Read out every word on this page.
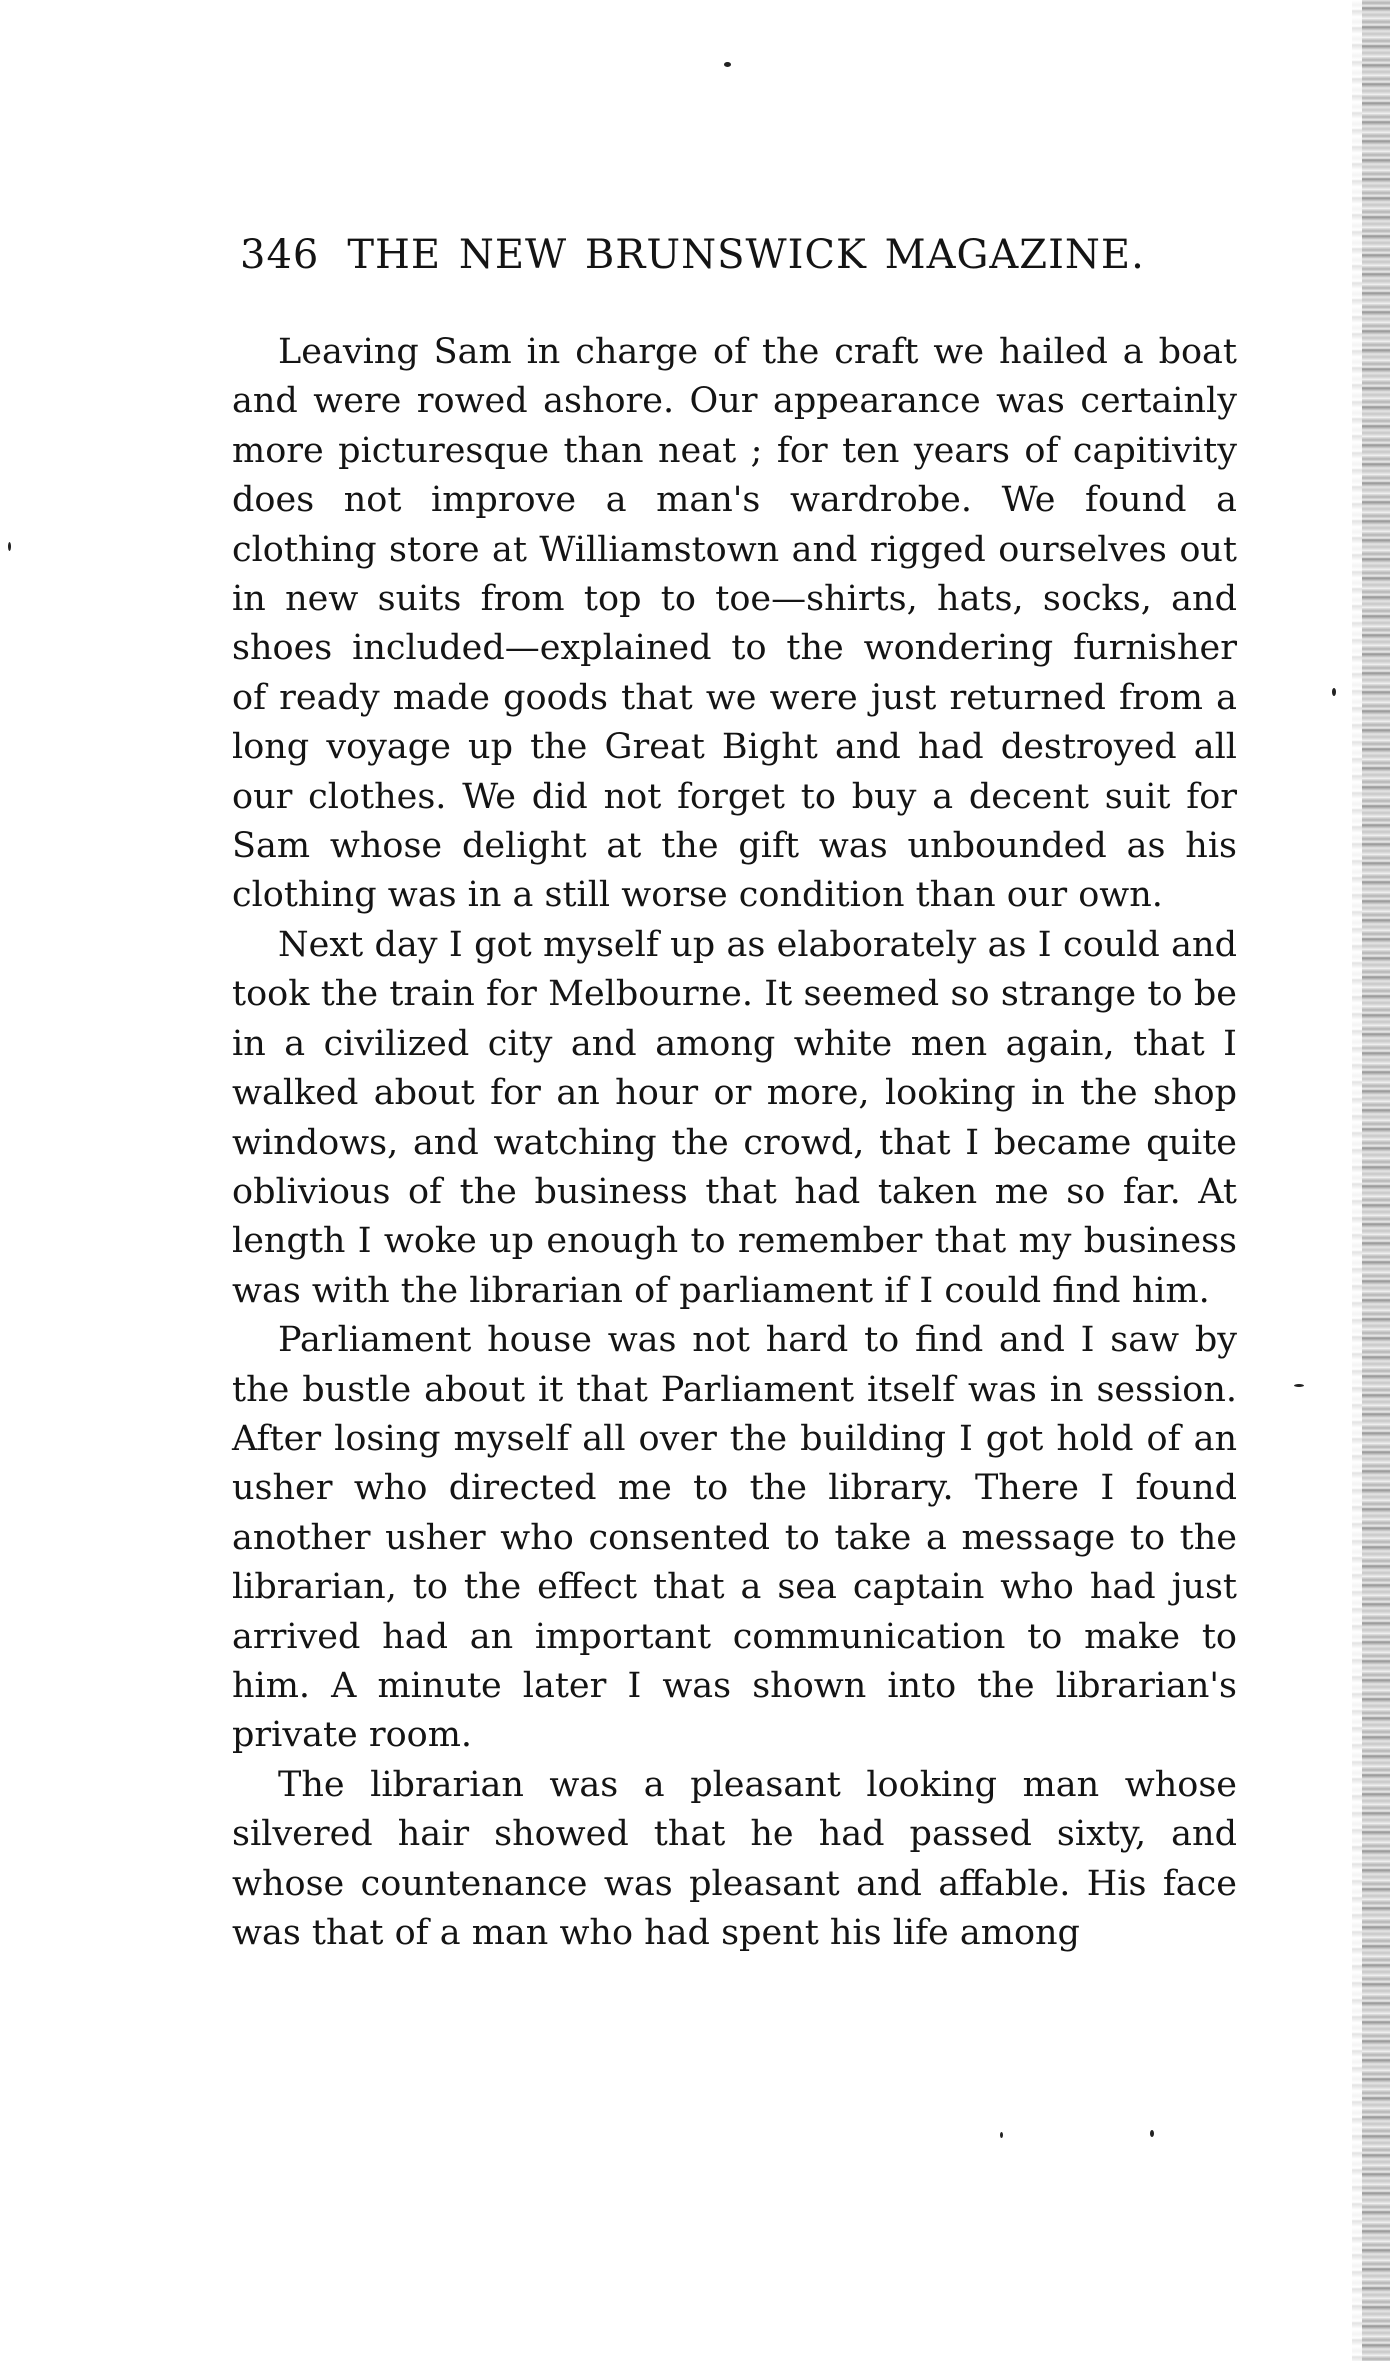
346 THE NEW BRUNSWICK MAGAZINE.

Leaving Sam in charge of the craft we hailed a boat and were rowed ashore. Our appearance was certainly more picturesque than neat ; for ten years of capitivity does not improve a man's wardrobe. We found a clothing store at Williamstown and rigged ourselves out in new suits from top to toe—shirts, hats, socks, and shoes included—explained to the wondering furnisher of ready made goods that we were just returned from a long voyage up the Great Bight and had destroyed all our clothes. We did not forget to buy a decent suit for Sam whose delight at the gift was unbounded as his clothing was in a still worse condition than our own.

Next day I got myself up as elaborately as I could and took the train for Melbourne. It seemed so strange to be in a civilized city and among white men again, that I walked about for an hour or more, looking in the shop windows, and watching the crowd, that I became quite oblivious of the business that had taken me so far. At length I woke up enough to remember that my business was with the librarian of parliament if I could find him.

Parliament house was not hard to find and I saw by the bustle about it that Parliament itself was in session. After losing myself all over the building I got hold of an usher who directed me to the library. There I found another usher who consented to take a message to the librarian, to the effect that a sea captain who had just arrived had an important communication to make to him. A minute later I was shown into the librarian's private room.

The librarian was a pleasant looking man whose silvered hair showed that he had passed sixty, and whose countenance was pleasant and affable. His face was that of a man who had spent his life among
